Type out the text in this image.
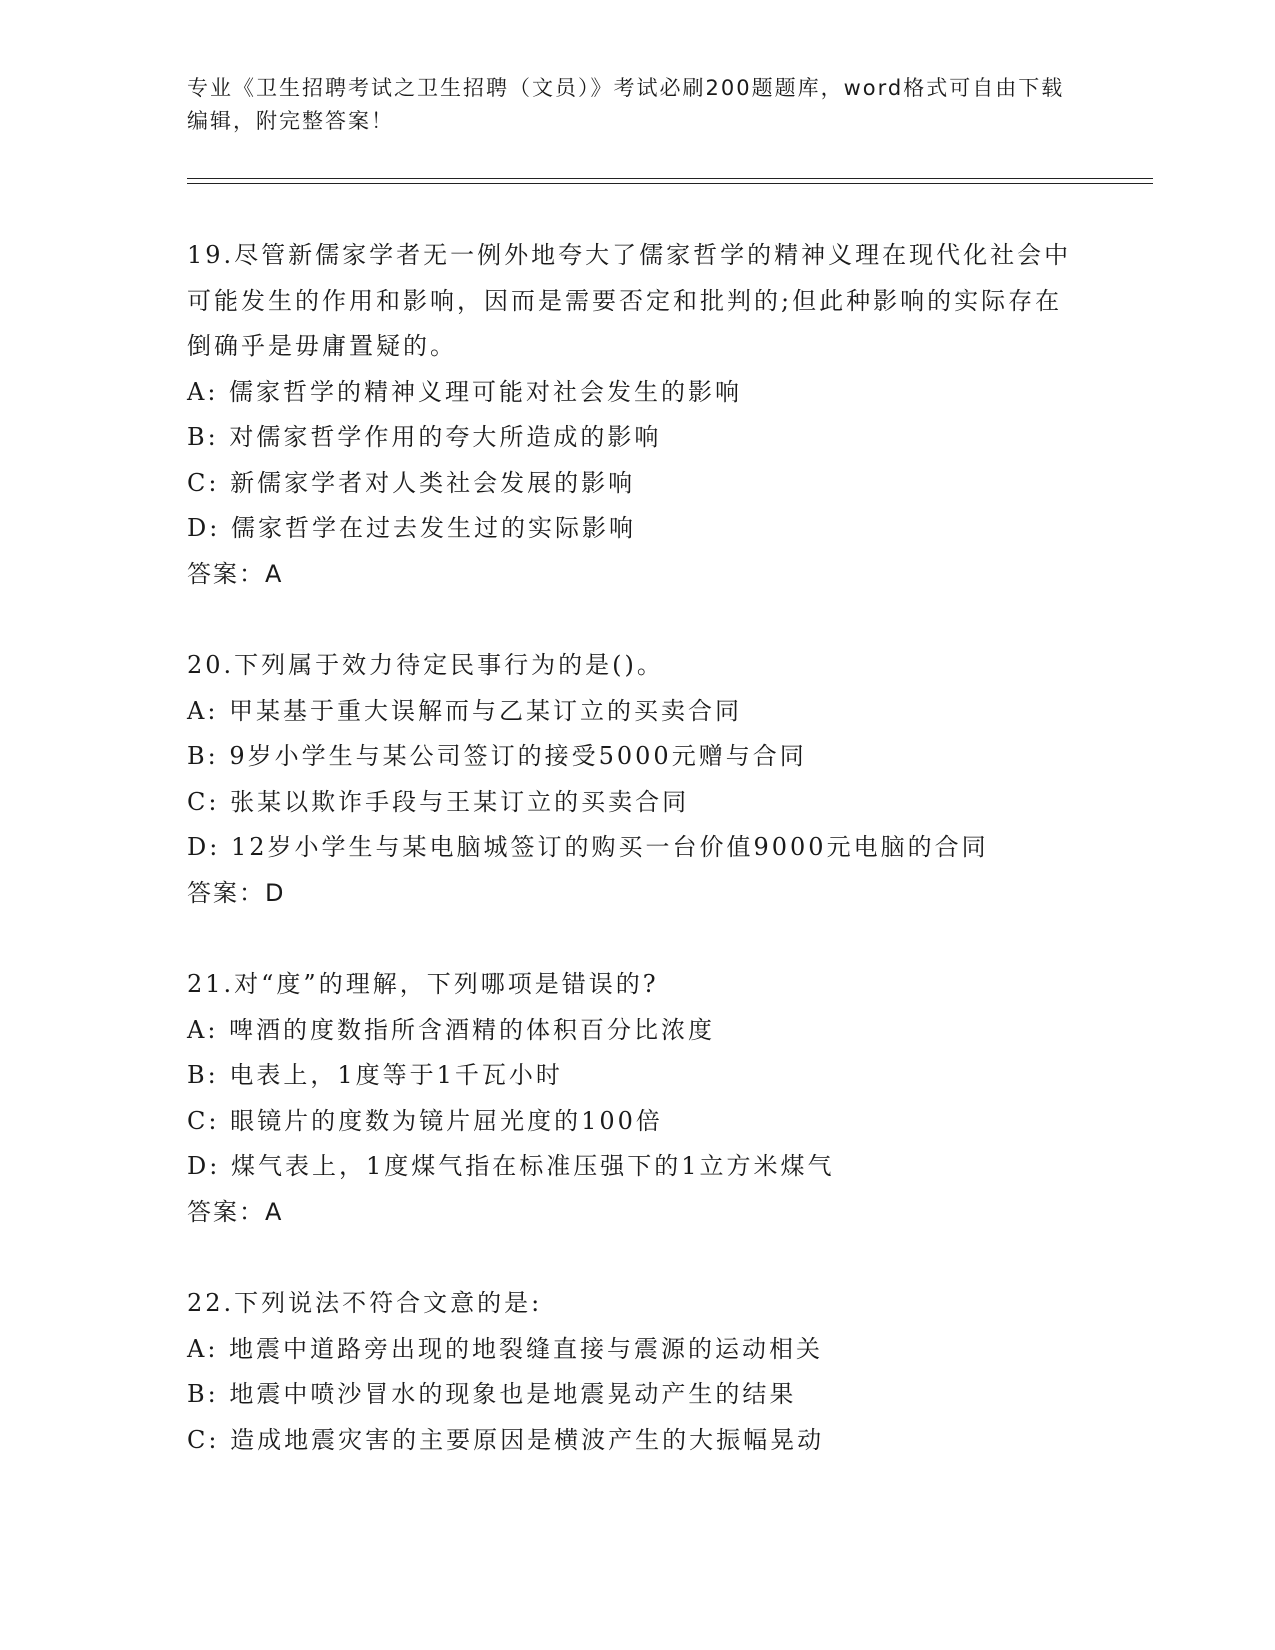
专业《卫生招聘考试之卫生招聘（文员）》考试必刷200题题库，word格式可自由下载编辑，附完整答案！
19.尽管新儒家学者无一例外地夸大了儒家哲学的精神义理在现代化社会中可能发生的作用和影响，因而是需要否定和批判的;但此种影响的实际存在倒确乎是毋庸置疑的。
A: 儒家哲学的精神义理可能对社会发生的影响
B: 对儒家哲学作用的夸大所造成的影响
C: 新儒家学者对人类社会发展的影响
D: 儒家哲学在过去发生过的实际影响
答案：A
20.下列属于效力待定民事行为的是()。
A: 甲某基于重大误解而与乙某订立的买卖合同
B: 9岁小学生与某公司签订的接受5000元赠与合同
C: 张某以欺诈手段与王某订立的买卖合同
D: 12岁小学生与某电脑城签订的购买一台价值9000元电脑的合同
答案：D
21.对“度”的理解，下列哪项是错误的?
A: 啤酒的度数指所含酒精的体积百分比浓度
B: 电表上，1度等于1千瓦小时
C: 眼镜片的度数为镜片屈光度的100倍
D: 煤气表上，1度煤气指在标准压强下的1立方米煤气
答案：A
22.下列说法不符合文意的是:
A: 地震中道路旁出现的地裂缝直接与震源的运动相关
B: 地震中喷沙冒水的现象也是地震晃动产生的结果
C: 造成地震灾害的主要原因是横波产生的大振幅晃动
